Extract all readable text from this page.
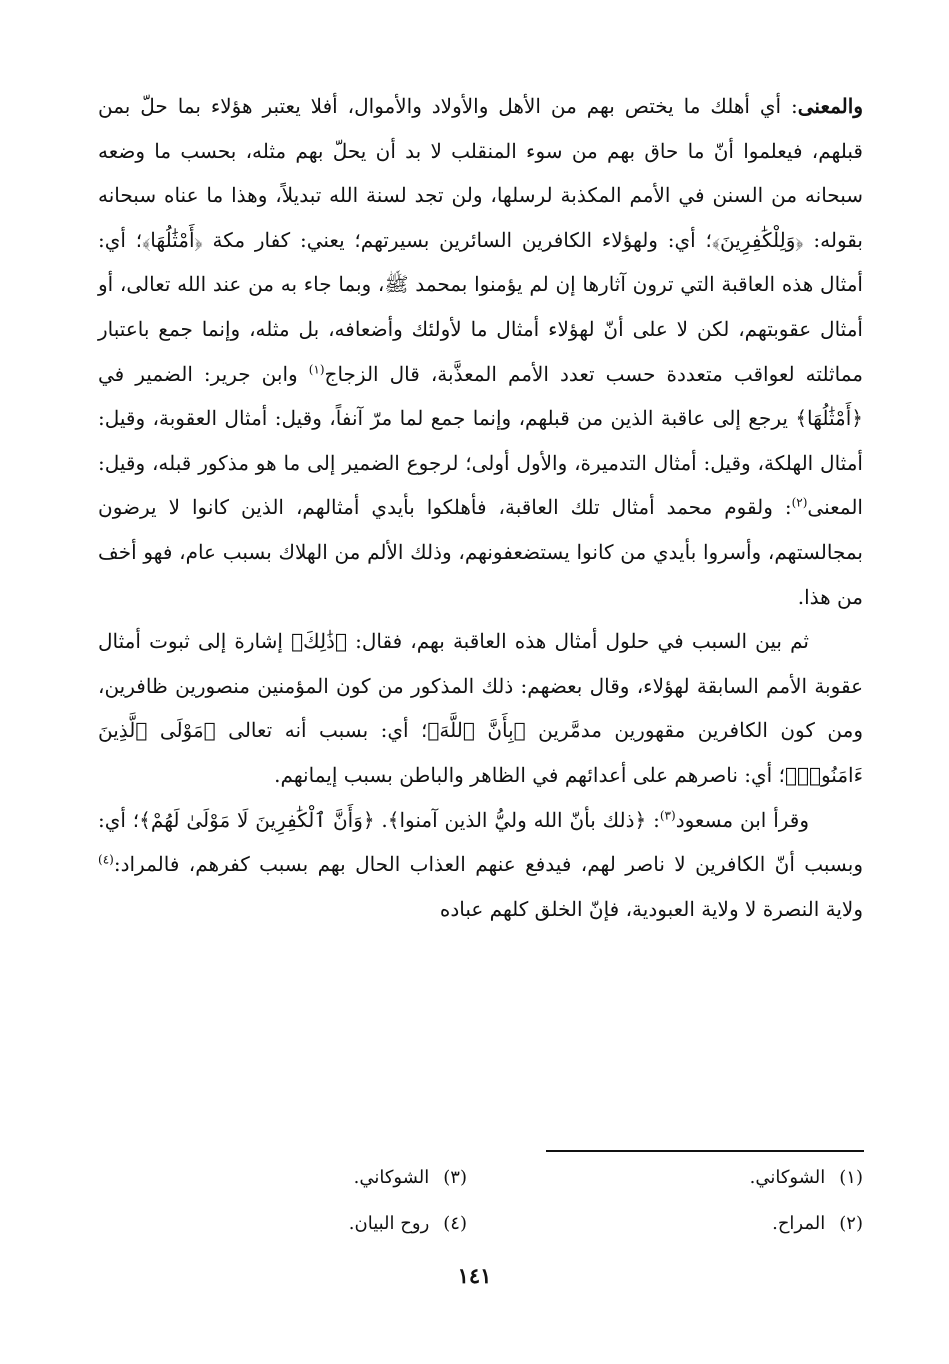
والمعنى: أي أهلك ما يختص بهم من الأهل والأولاد والأموال، أفلا يعتبر هؤلاء بما حلّ بمن قبلهم، فيعلموا أنّ ما حاق بهم من سوء المنقلب لا بد أن يحلّ بهم مثله، بحسب ما وضعه سبحانه من السنن في الأمم المكذبة لرسلها، ولن تجد لسنة الله تبديلاً، وهذا ما عناه سبحانه بقوله: ﴿وَلِلْكَٰفِرِينَ﴾؛ أي: ولهؤلاء الكافرين السائرين بسيرتهم؛ يعني: كفار مكة ﴿أَمْثَٰلُهَا﴾؛ أي: أمثال هذه العاقبة التي ترون آثارها إن لم يؤمنوا بمحمد ﷺ، وبما جاء به من عند الله تعالى، أو أمثال عقوبتهم، لكن لا على أنّ لهؤلاء أمثال ما لأولئك وأضعافه، بل مثله، وإنما جمع باعتبار مماثلته لعواقب متعددة حسب تعدد الأمم المعذَّبة، قال الزجاج$^{(١)}$ وابن جرير: الضمير في ﴿أَمْثَٰلُهَا﴾ يرجع إلى عاقبة الذين من قبلهم، وإنما جمع لما مرّ آنفاً، وقيل: أمثال العقوبة، وقيل: أمثال الهلكة، وقيل: أمثال التدميرة، والأول أولى؛ لرجوع الضمير إلى ما هو مذكور قبله، وقيل: المعنى$^{(٢)}$: ولقوم محمد أمثال تلك العاقبة، فأهلكوا بأيدي أمثالهم، الذين كانوا لا يرضون بمجالستهم، وأسروا بأيدي من كانوا يستضعفونهم، وذلك الألم من الهلاك بسبب عام، فهو أخف من هذا.

ثم بين السبب في حلول أمثال هذه العاقبة بهم، فقال: ﴿ذَٰلِكَ﴾ إشارة إلى ثبوت أمثال عقوبة الأمم السابقة لهؤلاء، وقال بعضهم: ذلك المذكور من كون المؤمنين منصورين ظافرين، ومن كون الكافرين مقهورين مدمَّرين ﴿بِأَنَّ ٱللَّهَ﴾؛ أي: بسبب أنه تعالى ﴿مَوْلَى ٱلَّذِينَ ءَامَنُوا۟﴾؛ أي: ناصرهم على أعدائهم في الظاهر والباطن بسبب إيمانهم.

وقرأ ابن مسعود$^{(٣)}$: ﴿ذلك بأنّ الله وليُّ الذين آمنوا﴾. ﴿وَأَنَّ ٱلْكَٰفِرِينَ لَا مَوْلَىٰ لَهُمْ﴾؛ أي: وبسبب أنّ الكافرين لا ناصر لهم، فيدفع عنهم العذاب الحال بهم بسبب كفرهم، فالمراد:$^{(٤)}$ ولاية النصرة لا ولاية العبودية، فإنّ الخلق كلهم عباده

(١)الشوكاني.
(٢)المراح.
(٣)الشوكاني.
(٤)روح البيان.
١٤١
